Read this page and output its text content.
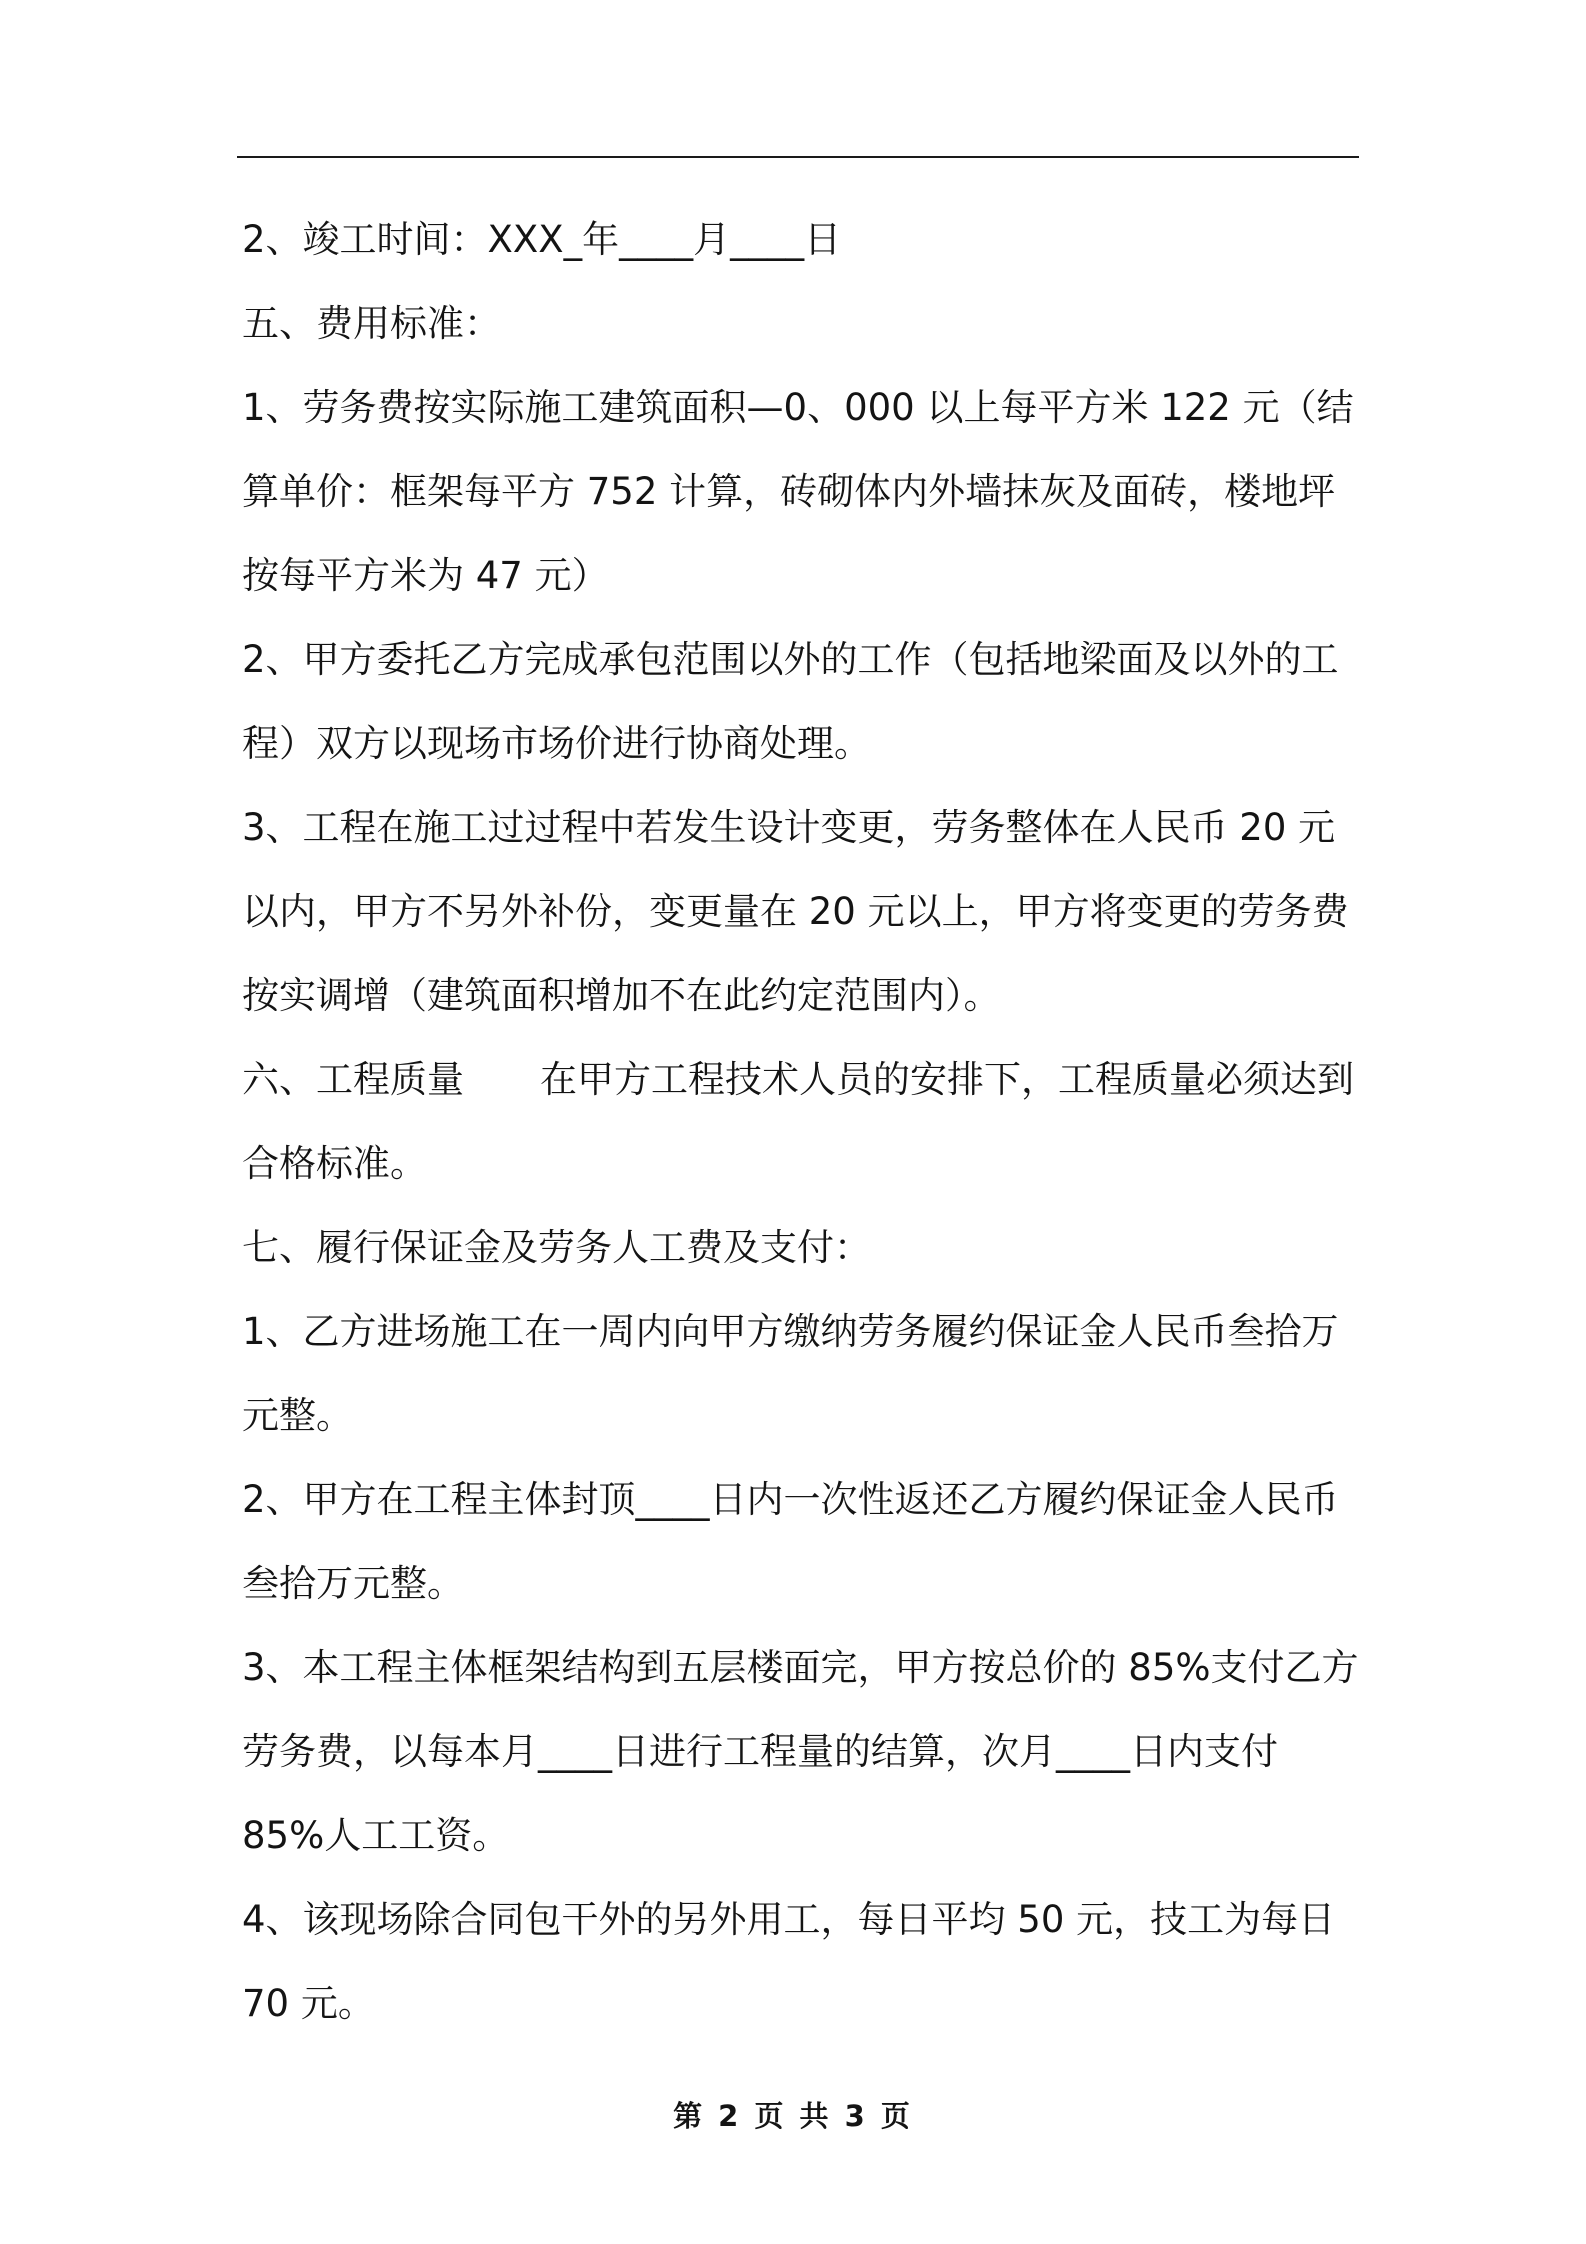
2、竣工时间：XXX_年____月____日
五、费用标准：
1、劳务费按实际施工建筑面积—0、000 以上每平方米 122 元（结
算单价：框架每平方 752 计算，砖砌体内外墙抹灰及面砖，楼地坪
按每平方米为 47 元）
2、甲方委托乙方完成承包范围以外的工作（包括地梁面及以外的工
程）双方以现场市场价进行协商处理。
3、工程在施工过过程中若发生设计变更，劳务整体在人民币 20 元
以内，甲方不另外补份，变更量在 20 元以上，甲方将变更的劳务费
按实调增（建筑面积增加不在此约定范围内）。
六、工程质量 在甲方工程技术人员的安排下，工程质量必须达到
合格标准。
七、履行保证金及劳务人工费及支付：
1、乙方进场施工在一周内向甲方缴纳劳务履约保证金人民币叁拾万
元整。
2、甲方在工程主体封顶____日内一次性返还乙方履约保证金人民币
叁拾万元整。
3、本工程主体框架结构到五层楼面完，甲方按总价的 85%支付乙方
劳务费，以每本月____日进行工程量的结算，次月____日内支付
85%人工工资。
4、该现场除合同包干外的另外用工，每日平均 50 元，技工为每日
70 元。
第 2 页 共 3 页
